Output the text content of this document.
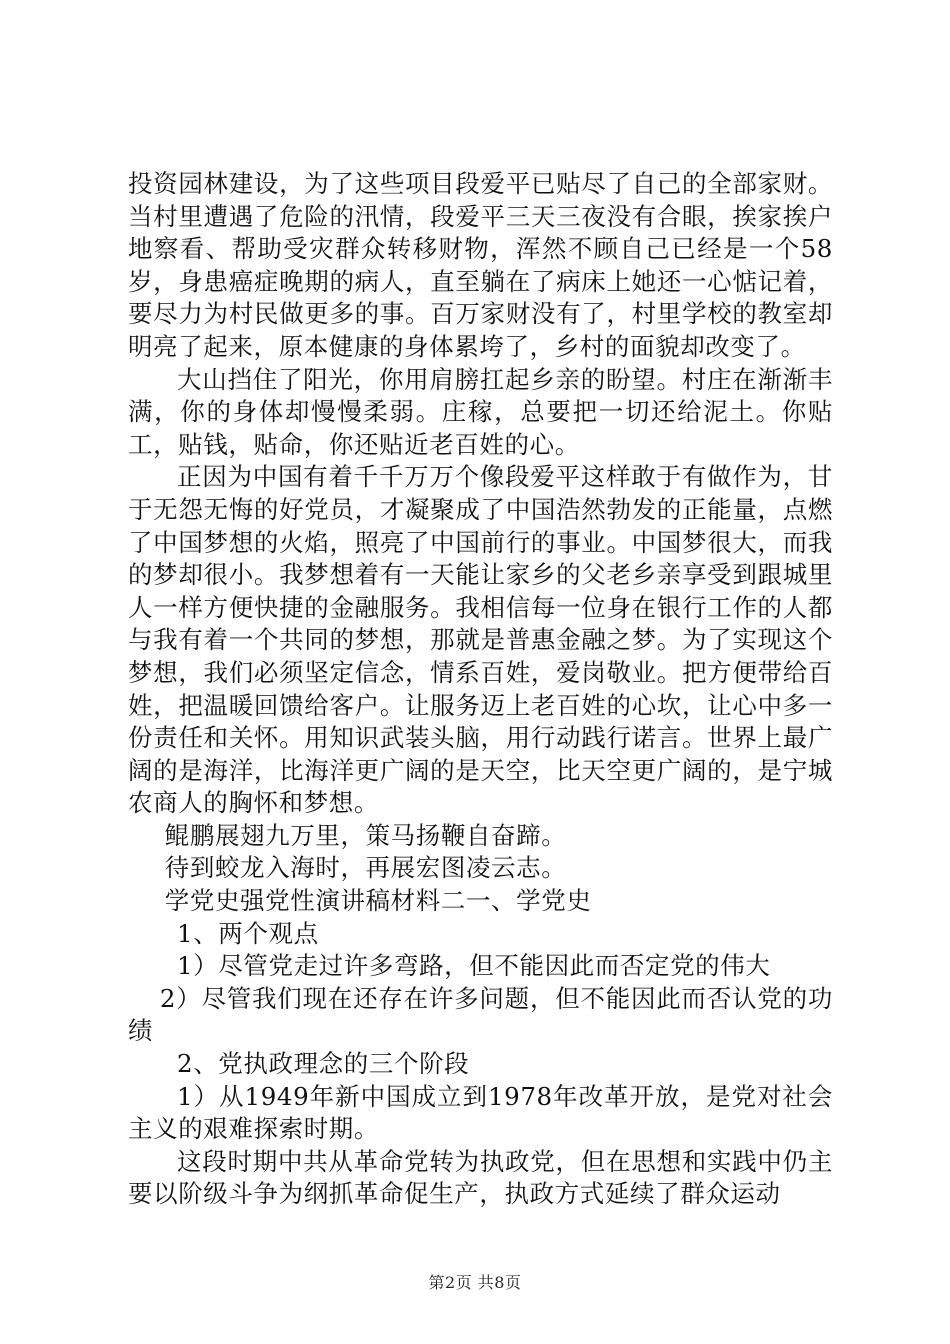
投资园林建设，为了这些项目段爱平已贴尽了自己的全部家财。当村里遭遇了危险的汛情，段爱平三天三夜没有合眼，挨家挨户地察看、帮助受灾群众转移财物，浑然不顾自己已经是一个58岁，身患癌症晚期的病人，直至躺在了病床上她还一心惦记着，要尽力为村民做更多的事。百万家财没有了，村里学校的教室却明亮了起来，原本健康的身体累垮了，乡村的面貌却改变了。

大山挡住了阳光，你用肩膀扛起乡亲的盼望。村庄在渐渐丰满，你的身体却慢慢柔弱。庄稼，总要把一切还给泥土。你贴工，贴钱，贴命，你还贴近老百姓的心。

正因为中国有着千千万万个像段爱平这样敢于有做作为，甘于无怨无悔的好党员，才凝聚成了中国浩然勃发的正能量，点燃了中国梦想的火焰，照亮了中国前行的事业。中国梦很大，而我的梦却很小。我梦想着有一天能让家乡的父老乡亲享受到跟城里人一样方便快捷的金融服务。我相信每一位身在银行工作的人都与我有着一个共同的梦想，那就是普惠金融之梦。为了实现这个梦想，我们必须坚定信念，情系百姓，爱岗敬业。把方便带给百姓，把温暖回馈给客户。让服务迈上老百姓的心坎，让心中多一份责任和关怀。用知识武装头脑，用行动践行诺言。世界上最广阔的是海洋，比海洋更广阔的是天空，比天空更广阔的，是宁城农商人的胸怀和梦想。

鲲鹏展翅九万里，策马扬鞭自奋蹄。

待到蛟龙入海时，再展宏图凌云志。

学党史强党性演讲稿材料二一、学党史

1、两个观点

1）尽管党走过许多弯路，但不能因此而否定党的伟大

2）尽管我们现在还存在许多问题，但不能因此而否认党的功绩

2、党执政理念的三个阶段

1）从1949年新中国成立到1978年改革开放，是党对社会主义的艰难探索时期。

这段时期中共从革命党转为执政党，但在思想和实践中仍主要以阶级斗争为纲抓革命促生产，执政方式延续了群众运动

第2页 共8页
